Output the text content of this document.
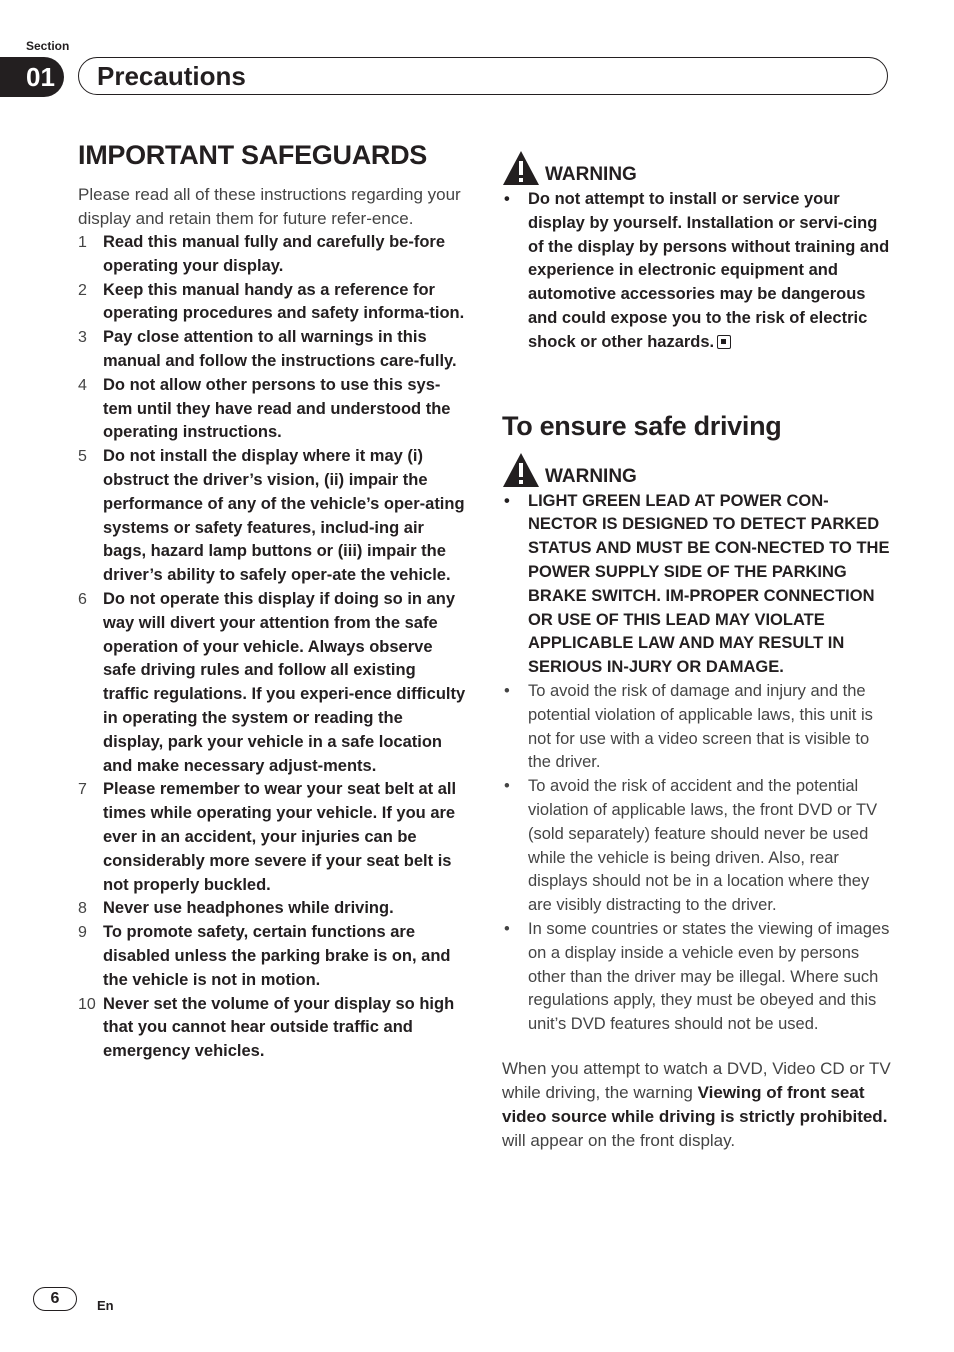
Section
01	Precautions
IMPORTANT SAFEGUARDS

Please read all of these instructions regarding your display and retain them for future refer-ence.

1 Read this manual fully and carefully be-fore operating your display.
2 Keep this manual handy as a reference for operating procedures and safety informa-tion.
3 Pay close attention to all warnings in this manual and follow the instructions care-fully.
4 Do not allow other persons to use this sys-tem until they have read and understood the operating instructions.
5 Do not install the display where it may (i) obstruct the driver’s vision, (ii) impair the performance of any of the vehicle’s oper-ating systems or safety features, includ-ing air bags, hazard lamp buttons or (iii) impair the driver’s ability to safely oper-ate the vehicle.
6 Do not operate this display if doing so in any way will divert your attention from the safe operation of your vehicle. Always observe safe driving rules and follow all existing traffic regulations. If you experi-ence difficulty in operating the system or reading the display, park your vehicle in a safe location and make necessary adjust-ments.
7 Please remember to wear your seat belt at all times while operating your vehicle. If you are ever in an accident, your injuries can be considerably more severe if your seat belt is not properly buckled.
8 Never use headphones while driving.
9 To promote safety, certain functions are disabled unless the parking brake is on, and the vehicle is not in motion.
10 Never set the volume of your display so high that you cannot hear outside traffic and emergency vehicles.
WARNING
• Do not attempt to install or service your display by yourself. Installation or servi-cing of the display by persons without training and experience in electronic equipment and automotive accessories may be dangerous and could expose you to the risk of electric shock or other hazards.
To ensure safe driving
WARNING
• LIGHT GREEN LEAD AT POWER CON-NECTOR IS DESIGNED TO DETECT PARKED STATUS AND MUST BE CON-NECTED TO THE POWER SUPPLY SIDE OF THE PARKING BRAKE SWITCH. IM-PROPER CONNECTION OR USE OF THIS LEAD MAY VIOLATE APPLICABLE LAW AND MAY RESULT IN SERIOUS IN-JURY OR DAMAGE.
• To avoid the risk of damage and injury and the potential violation of applicable laws, this unit is not for use with a video screen that is visible to the driver.
• To avoid the risk of accident and the potential violation of applicable laws, the front DVD or TV (sold separately) feature should never be used while the vehicle is being driven. Also, rear displays should not be in a location where they are visibly distracting to the driver.
• In some countries or states the viewing of images on a display inside a vehicle even by persons other than the driver may be illegal. Where such regulations apply, they must be obeyed and this unit’s DVD features should not be used.

When you attempt to watch a DVD, Video CD or TV while driving, the warning Viewing of front seat video source while driving is strictly prohibited. will appear on the front display.

6	En
